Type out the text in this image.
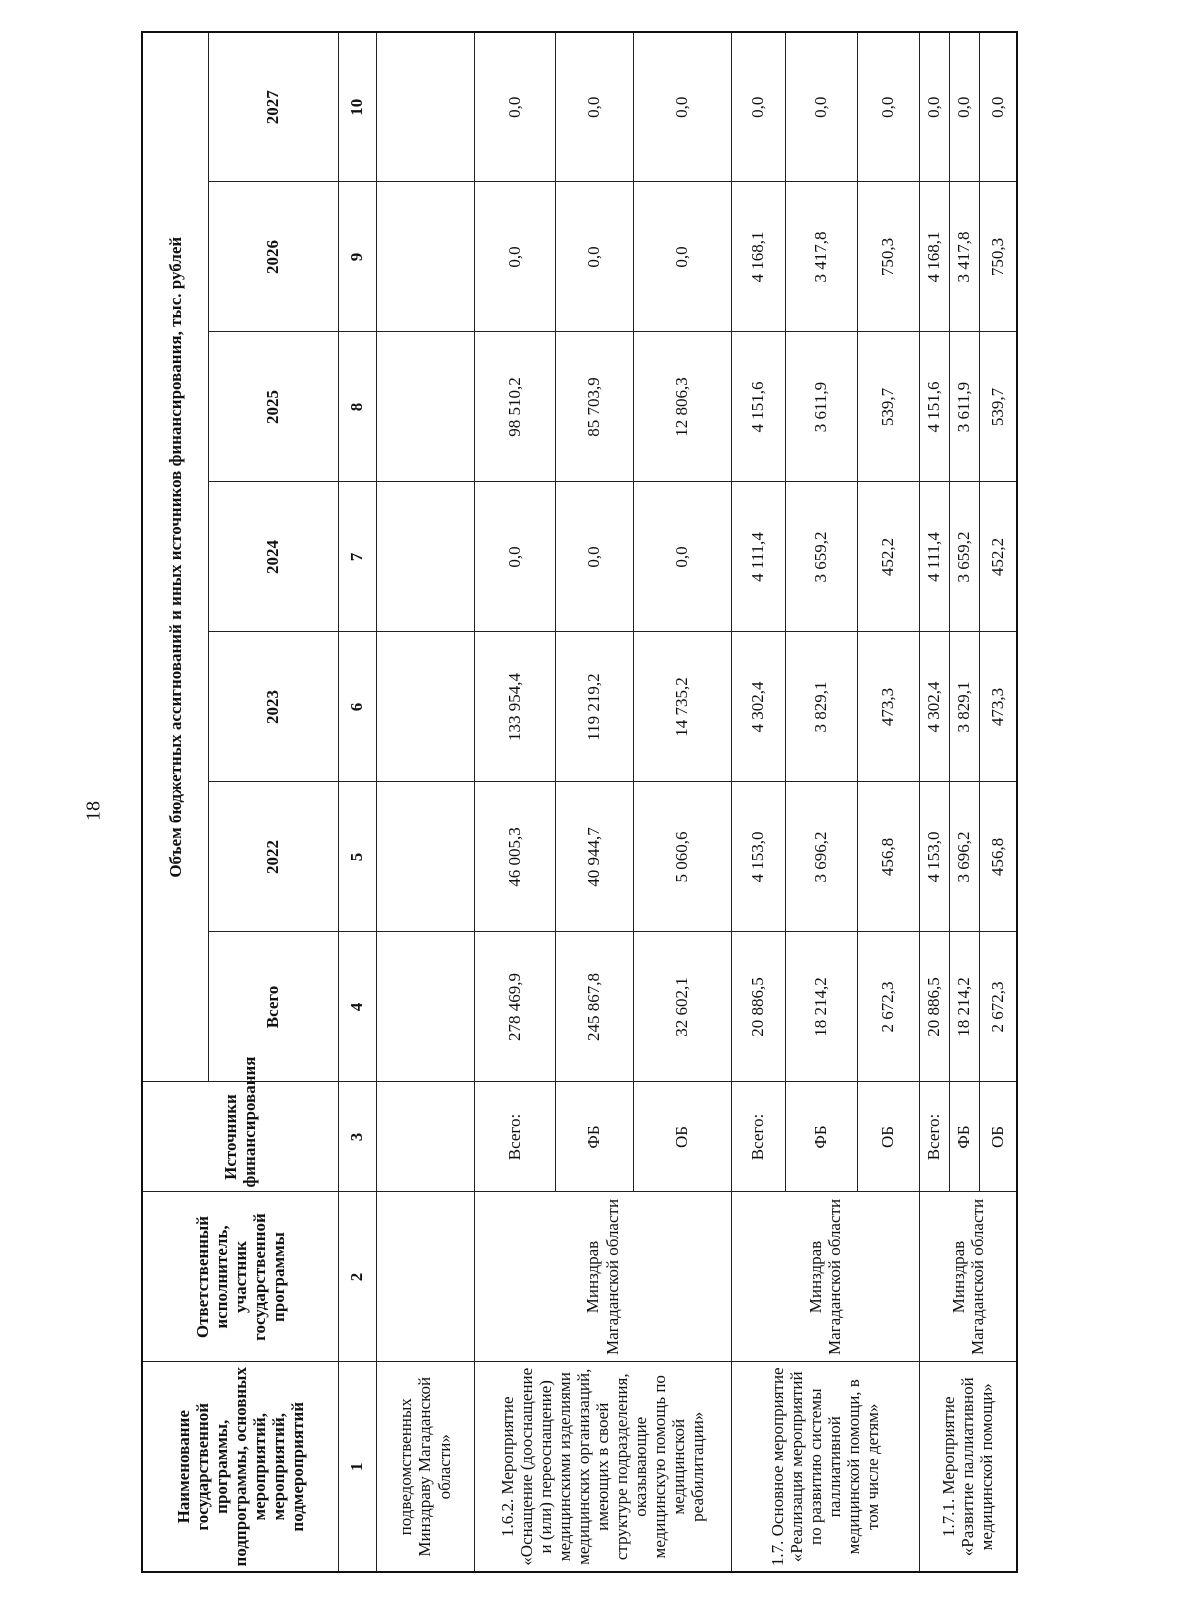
18
Наименование государственной программы, подпрограммы, основных мероприятий, мероприятий, подмероприятий	Ответственный исполнитель, участник государственной программы	Источники финансирования	Объем бюджетных ассигнований и иных источников финансирования, тыс. рублей						
			Всего	2022	2023	2024	2025	2026	2027
1	2	3	4	5	6	7	8	9	10
подведомственных Минздраву Магаданской области»									
1.6.2. Мероприятие «Оснащение (дооснащение и (или) переоснащение) медицинскими изделиями медицинских организаций, имеющих в своей структуре подразделения, оказывающие медицинскую помощь по медицинской реабилитации»	Минздрав Магаданской области	Всего:	278 469,9	46 005,3	133 954,4	0,0	98 510,2	0,0	0,0
		ФБ	245 867,8	40 944,7	119 219,2	0,0	85 703,9	0,0	0,0
		ОБ	32 602,1	5 060,6	14 735,2	0,0	12 806,3	0,0	0,0
1.7. Основное мероприятие «Реализация мероприятий по развитию системы паллиативной медицинской помощи, в том числе детям»	Минздрав Магаданской области	Всего:	20 886,5	4 153,0	4 302,4	4 111,4	4 151,6	4 168,1	0,0
		ФБ	18 214,2	3 696,2	3 829,1	3 659,2	3 611,9	3 417,8	0,0
		ОБ	2 672,3	456,8	473,3	452,2	539,7	750,3	0,0
1.7.1. Мероприятие «Развитие паллиативной медицинской помощи»	Минздрав Магаданской области	Всего:	20 886,5	4 153,0	4 302,4	4 111,4	4 151,6	4 168,1	0,0
		ФБ	18 214,2	3 696,2	3 829,1	3 659,2	3 611,9	3 417,8	0,0
		ОБ	2 672,3	456,8	473,3	452,2	539,7	750,3	0,0
